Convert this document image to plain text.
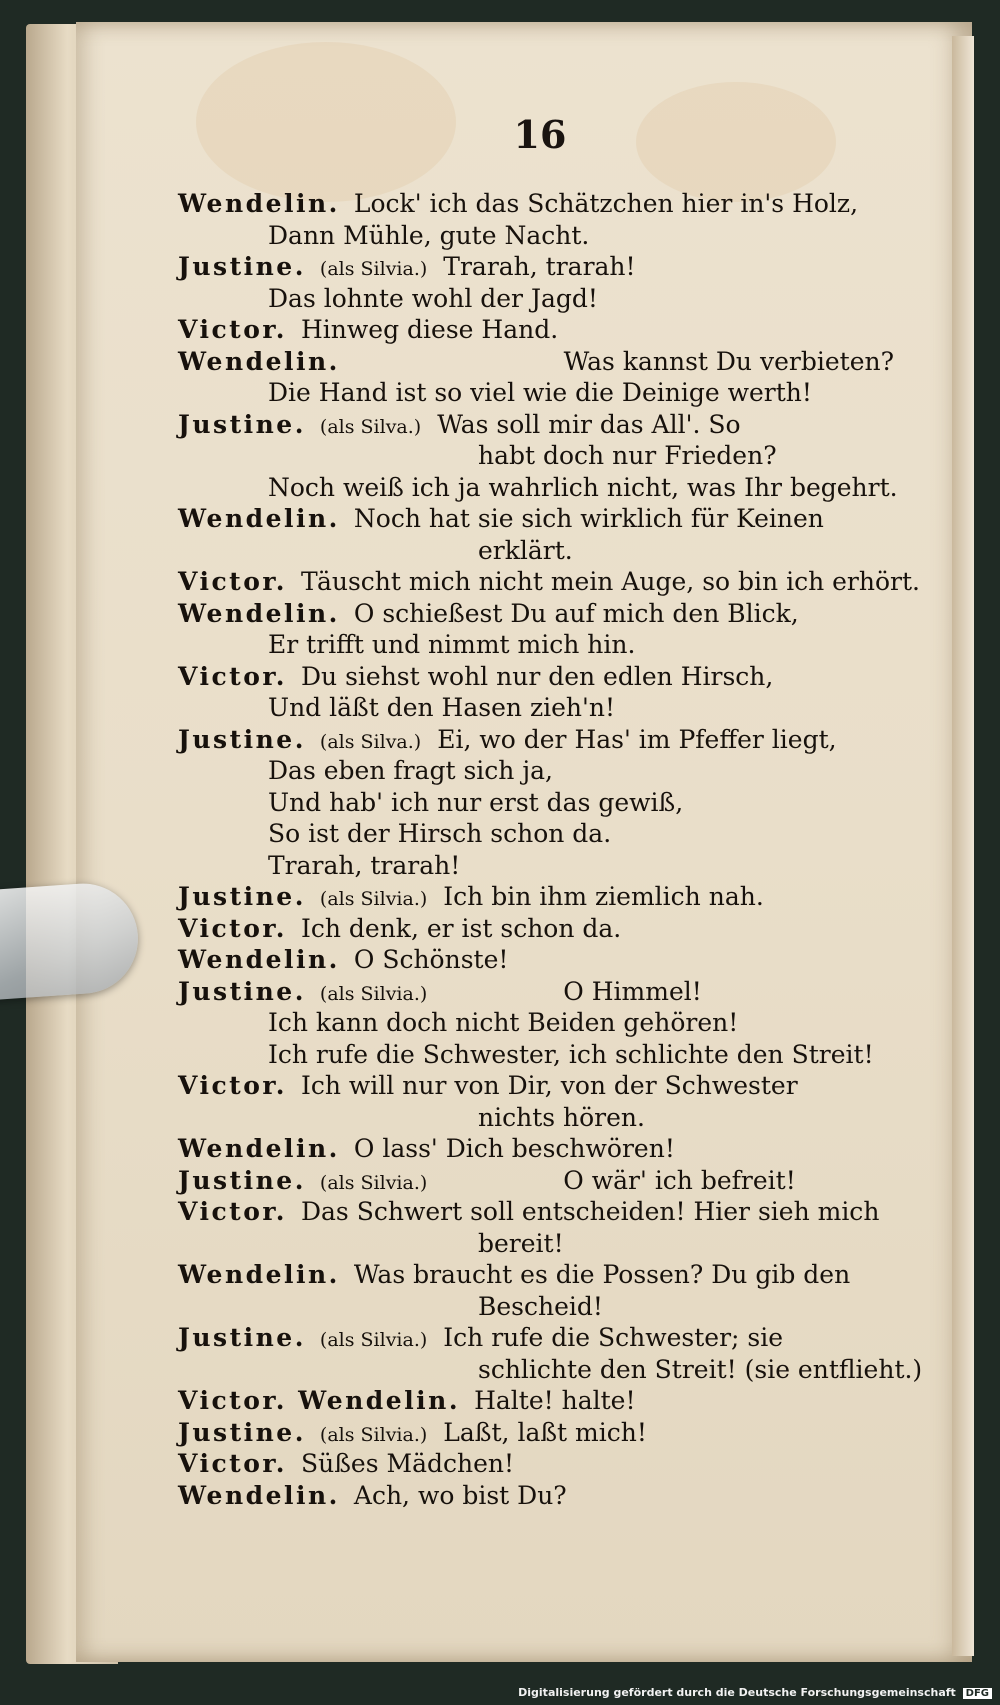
16
Wendelin. Lock' ich das Schätzchen hier in's Holz,
Dann Mühle, gute Nacht.
Justine. (als Silvia.) Trarah, trarah!
Das lohnte wohl der Jagd!
Victor. Hinweg diese Hand.
Wendelin.	Was kannst Du verbieten?
Die Hand ist so viel wie die Deinige werth!
Justine. (als Silva.) Was soll mir das All'. So
habt doch nur Frieden?
Noch weiß ich ja wahrlich nicht, was Ihr begehrt.
Wendelin. Noch hat sie sich wirklich für Keinen
erklärt.
Victor. Täuscht mich nicht mein Auge, so bin ich erhört.
Wendelin. O schießest Du auf mich den Blick,
Er trifft und nimmt mich hin.
Victor. Du siehst wohl nur den edlen Hirsch,
Und läßt den Hasen zieh'n!
Justine. (als Silva.) Ei, wo der Has' im Pfeffer liegt,
Das eben fragt sich ja,
Und hab' ich nur erst das gewiß,
So ist der Hirsch schon da.
Trarah, trarah!
Justine. (als Silvia.) Ich bin ihm ziemlich nah.
Victor. Ich denk, er ist schon da.
Wendelin. O Schönste!
Justine. (als Silvia.)	O Himmel!
Ich kann doch nicht Beiden gehören!
Ich rufe die Schwester, ich schlichte den Streit!
Victor. Ich will nur von Dir, von der Schwester
nichts hören.
Wendelin. O lass' Dich beschwören!
Justine. (als Silvia.)	O wär' ich befreit!
Victor. Das Schwert soll entscheiden! Hier sieh mich
bereit!
Wendelin. Was braucht es die Possen? Du gib den
Bescheid!
Justine. (als Silvia.) Ich rufe die Schwester; sie
schlichte den Streit! (sie entflieht.)
Victor. Wendelin. Halte! halte!
Justine. (als Silvia.) Laßt, laßt mich!
Victor. Süßes Mädchen!
Wendelin. Ach, wo bist Du?
Digitalisierung gefördert durch die Deutsche Forschungsgemeinschaft DFG
